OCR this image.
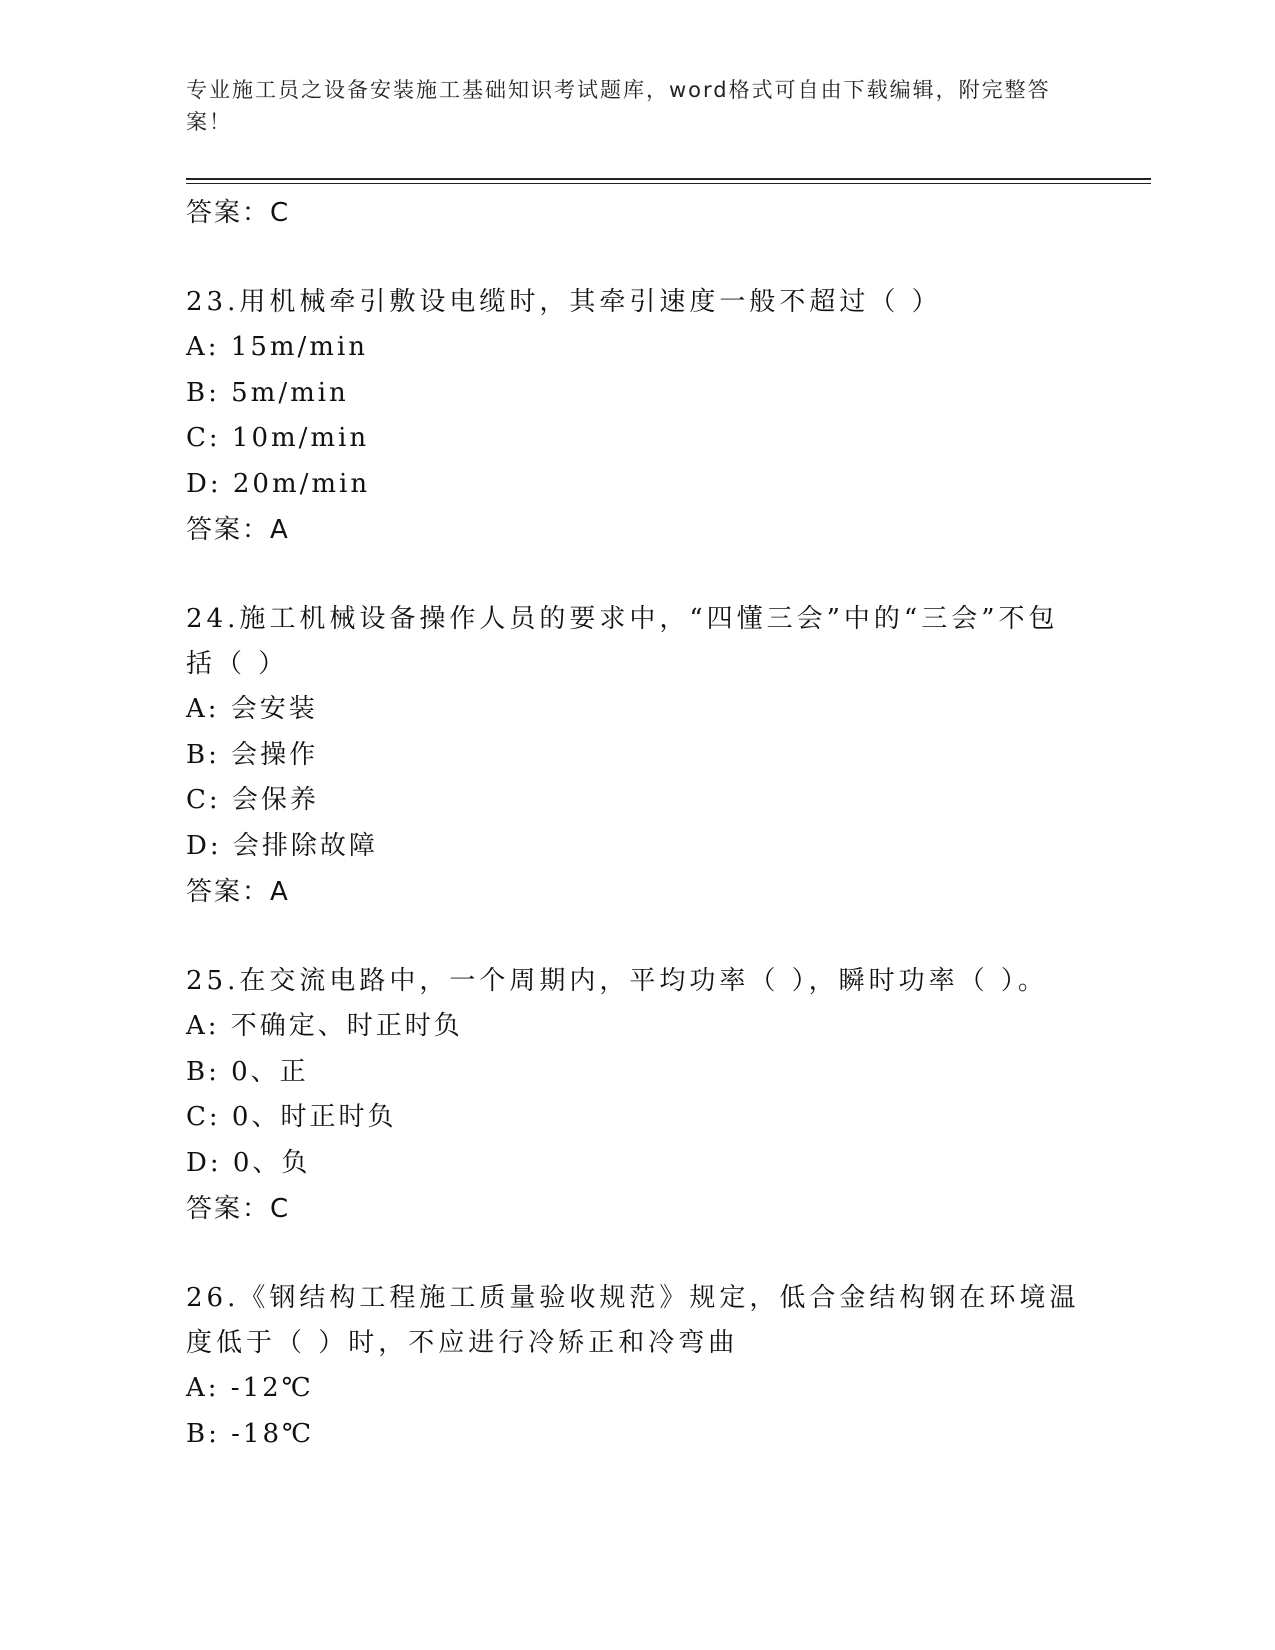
专业施工员之设备安装施工基础知识考试题库，word格式可自由下载编辑，附完整答案！
答案：C
23.用机械牵引敷设电缆时，其牵引速度一般不超过（ ）
A: 15m/min
B: 5m/min
C: 10m/min
D: 20m/min
答案：A
24.施工机械设备操作人员的要求中，“四懂三会”中的“三会”不包括（ ）
A: 会安装
B: 会操作
C: 会保养
D: 会排除故障
答案：A
25.在交流电路中，一个周期内，平均功率（ ），瞬时功率（ ）。
A: 不确定、时正时负
B: 0、正
C: 0、时正时负
D: 0、负
答案：C
26.《钢结构工程施工质量验收规范》规定，低合金结构钢在环境温度低于（ ）时，不应进行冷矫正和冷弯曲
A: -12℃
B: -18℃
